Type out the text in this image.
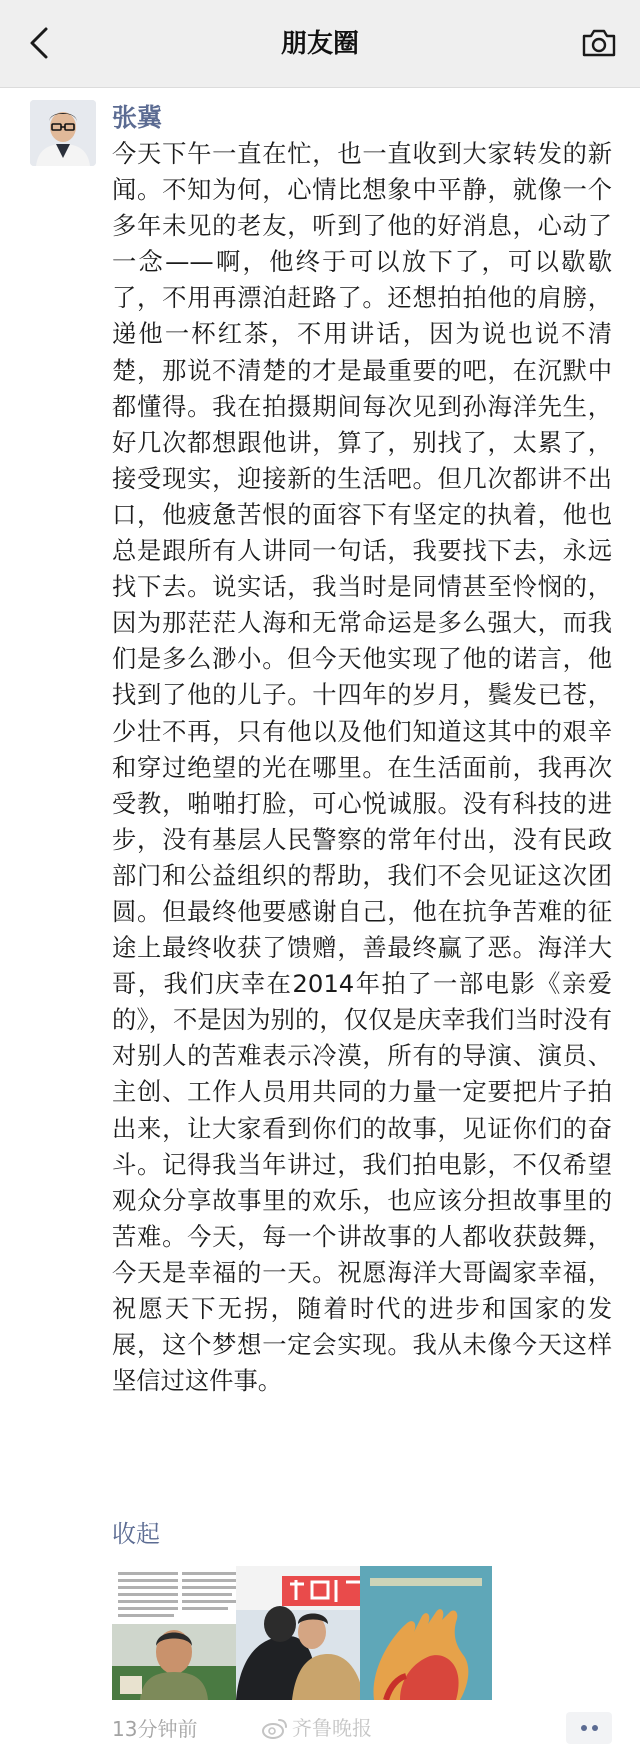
朋友圈
张冀
今天下午一直在忙，也一直收到大家转发的新闻。不知为何，心情比想象中平静，就像一个多年未见的老友，听到了他的好消息，心动了一念——啊，他终于可以放下了，可以歇歇了，不用再漂泊赶路了。还想拍拍他的肩膀，递他一杯红茶，不用讲话，因为说也说不清楚，那说不清楚的才是最重要的吧，在沉默中都懂得。我在拍摄期间每次见到孙海洋先生，好几次都想跟他讲，算了，别找了，太累了，接受现实，迎接新的生活吧。但几次都讲不出口，他疲惫苦恨的面容下有坚定的执着，他也总是跟所有人讲同一句话，我要找下去，永远找下去。说实话，我当时是同情甚至怜悯的，因为那茫茫人海和无常命运是多么强大，而我们是多么渺小。但今天他实现了他的诺言，他找到了他的儿子。十四年的岁月，鬓发已苍，少壮不再，只有他以及他们知道这其中的艰辛和穿过绝望的光在哪里。在生活面前，我再次受教，啪啪打脸，可心悦诚服。没有科技的进步，没有基层人民警察的常年付出，没有民政部门和公益组织的帮助，我们不会见证这次团圆。但最终他要感谢自己，他在抗争苦难的征途上最终收获了馈赠，善最终赢了恶。海洋大哥，我们庆幸在2014年拍了一部电影《亲爱的》，不是因为别的，仅仅是庆幸我们当时没有对别人的苦难表示冷漠，所有的导演、演员、主创、工作人员用共同的力量一定要把片子拍出来，让大家看到你们的故事，见证你们的奋斗。记得我当年讲过，我们拍电影，不仅希望观众分享故事里的欢乐，也应该分担故事里的苦难。今天，每一个讲故事的人都收获鼓舞，今天是幸福的一天。祝愿海洋大哥阖家幸福，祝愿天下无拐，随着时代的进步和国家的发展，这个梦想一定会实现。我从未像今天这样坚信过这件事。
收起
13分钟前	齐鲁晚报
